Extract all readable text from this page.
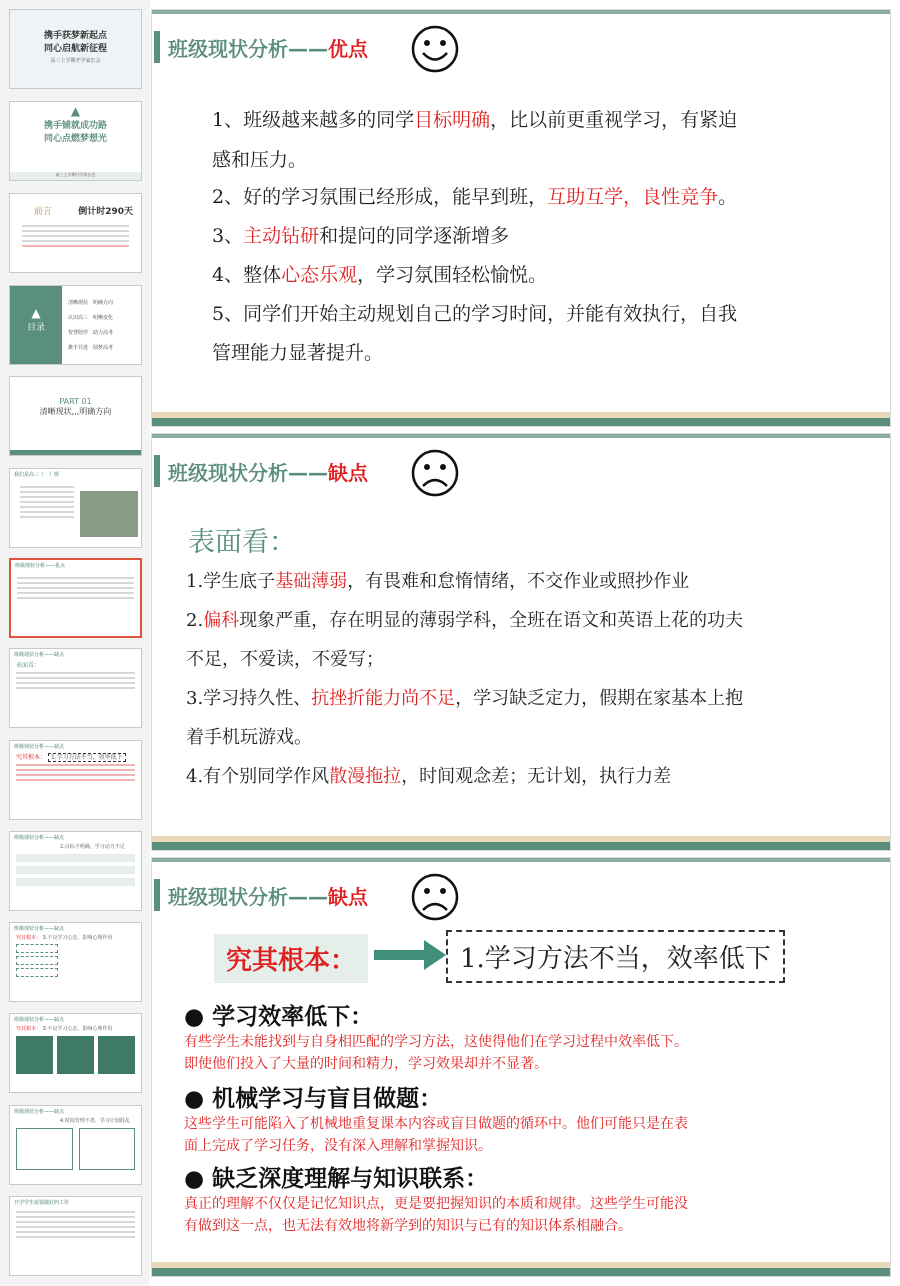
携手获梦新起点
同心启航新征程
高三上学期开学家长会
▲
携手铺就成功路
同心点燃梦想光
高三上学期开学家长会
前言	倒计时290天
▲
目录
清晰现状　明确方向
认识高三　明晰变化
智慧陪伴　助力高考
携手共进　圆梦高考
PART 01
清晰现状,,,明确方向
我们是高三（　）班
班级现状分析——优点
班级现状分析——缺点
表面看：
班级现状分析——缺点
究其根本： 1.学习方法不当，效率低下
班级现状分析——缺点
2.目标不明确，学习动力不足
班级现状分析——缺点
究其根本： 3.不良学习心态，影响心理作用
班级现状分析——缺点
究其根本： 3.不良学习心态，影响心理作用
班级现状分析——缺点
4.时间管理不善，学习计划混乱
开学学生需要做好的工作
班级现状分析—— 优点
1、班级越来越多的同学目标明确，比以前更重视学习，有紧迫
感和压力。
2、好的学习氛围已经形成，能早到班，互助互学，良性竞争。
3、主动钻研和提问的同学逐渐增多
4、整体心态乐观，学习氛围轻松愉悦。
5、同学们开始主动规划自己的学习时间，并能有效执行，自我
管理能力显著提升。
班级现状分析—— 缺点
表面看：
1.学生底子基础薄弱，有畏难和怠惰情绪，不交作业或照抄作业
2.偏科现象严重，存在明显的薄弱学科，全班在语文和英语上花的功夫
不足，不爱读，不爱写；
3.学习持久性、抗挫折能力尚不足，学习缺乏定力，假期在家基本上抱
着手机玩游戏。
4.有个别同学作风散漫拖拉，时间观念差；无计划，执行力差
班级现状分析—— 缺点
究其根本：	1.学习方法不当，效率低下
● 学习效率低下：
有些学生未能找到与自身相匹配的学习方法，这使得他们在学习过程中效率低下。
即使他们投入了大量的时间和精力，学习效果却并不显著。
● 机械学习与盲目做题：
这些学生可能陷入了机械地重复课本内容或盲目做题的循环中。他们可能只是在表
面上完成了学习任务，没有深入理解和掌握知识。
● 缺乏深度理解与知识联系：
真正的理解不仅仅是记忆知识点，更是要把握知识的本质和规律。这些学生可能没
有做到这一点，也无法有效地将新学到的知识与已有的知识体系相融合。
